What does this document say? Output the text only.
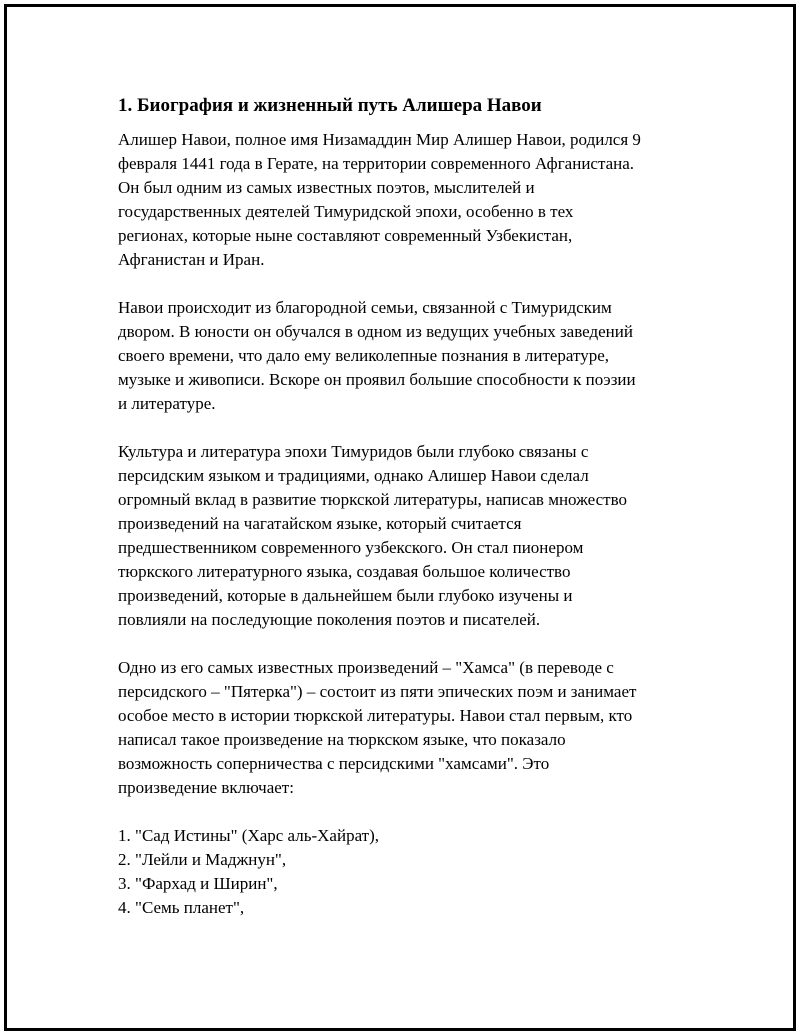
1. Биография и жизненный путь Алишера Навои

Алишер Навои, полное имя Низамаддин Мир Алишер Навои, родился 9
февраля 1441 года в Герате, на территории современного Афганистана.
Он был одним из самых известных поэтов, мыслителей и
государственных деятелей Тимуридской эпохи, особенно в тех
регионах, которые ныне составляют современный Узбекистан,
Афганистан и Иран.

Навои происходит из благородной семьи, связанной с Тимуридским
двором. В юности он обучался в одном из ведущих учебных заведений
своего времени, что дало ему великолепные познания в литературе,
музыке и живописи. Вскоре он проявил большие способности к поэзии
и литературе.

Культура и литература эпохи Тимуридов были глубоко связаны с
персидским языком и традициями, однако Алишер Навои сделал
огромный вклад в развитие тюркской литературы, написав множество
произведений на чагатайском языке, который считается
предшественником современного узбекского. Он стал пионером
тюркского литературного языка, создавая большое количество
произведений, которые в дальнейшем были глубоко изучены и
повлияли на последующие поколения поэтов и писателей.

Одно из его самых известных произведений – "Хамса" (в переводе с
персидского – "Пятерка") – состоит из пяти эпических поэм и занимает
особое место в истории тюркской литературы. Навои стал первым, кто
написал такое произведение на тюркском языке, что показало
возможность соперничества с персидскими "хамсами". Это
произведение включает:

1. "Сад Истины" (Харс аль-Хайрат),
2. "Лейли и Маджнун",
3. "Фархад и Ширин",
4. "Семь планет",
